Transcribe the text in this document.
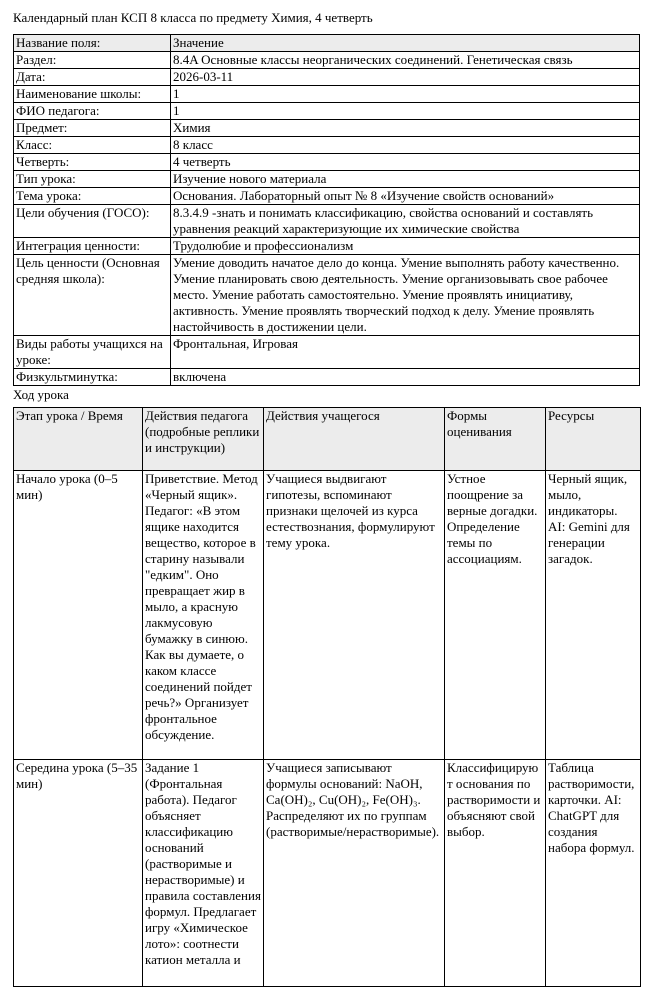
Календарный план КСП 8 класса по предмету Химия, 4 четверть
Название поля:	Значение
Раздел:	8.4A Основные классы неорганических соединений. Генетическая связь
Дата:	2026-03-11
Наименование школы:	1
ФИО педагога:	1
Предмет:	Химия
Класс:	8 класс
Четверть:	4 четверть
Тип урока:	Изучение нового материала
Тема урока:	Основания. Лабораторный опыт № 8 «Изучение свойств оснований»
Цели обучения (ГОСО):	8.3.4.9 -знать и понимать классификацию, свойства оснований и составлять уравнения реакций характеризующие их химические свойства
Интеграция ценности:	Трудолюбие и профессионализм
Цель ценности (Основная средняя школа):	Умение доводить начатое дело до конца. Умение выполнять работу качественно. Умение планировать свою деятельность. Умение организовывать свое рабочее место. Умение работать самостоятельно. Умение проявлять инициативу, активность. Умение проявлять творческий подход к делу. Умение проявлять настойчивость в достижении цели.
Виды работы учащихся на уроке:	Фронтальная, Игровая
Физкультминутка:	включена
Ход урока
Этап урока / Время	Действия педагога (подробные реплики и инструкции)	Действия учащегося	Формы оценивания	Ресурсы
Начало урока (0–5 мин)	Приветствие. Метод «Черный ящик». Педагог: «В этом ящике находится вещество, которое в старину называли "едким". Оно превращает жир в мыло, а красную лакмусовую бумажку в синюю. Как вы думаете, о каком классе соединений пойдет речь?» Организует фронтальное обсуждение.	Учащиеся выдвигают гипотезы, вспоминают признаки щелочей из курса естествознания, формулируют тему урока.	Устное поощрение за верные догадки. Определение темы по ассоциациям.	Черный ящик, мыло, индикаторы. AI: Gemini для генерации загадок.
Середина урока (5–35 мин)	Задание 1 (Фронтальная работа). Педагог объясняет классификацию оснований (растворимые и нерастворимые) и правила составления формул. Предлагает игру «Химическое лото»: соотнести катион металла и	Учащиеся записывают формулы оснований: NaOH, Ca(OH)₂, Cu(OH)₂, Fe(OH)₃. Распределяют их по группам (растворимые/нерастворимые).	Классифицирую т основания по растворимости и объясняют свой выбор.	Таблица растворимости, карточки. AI: ChatGPT для создания набора формул.
